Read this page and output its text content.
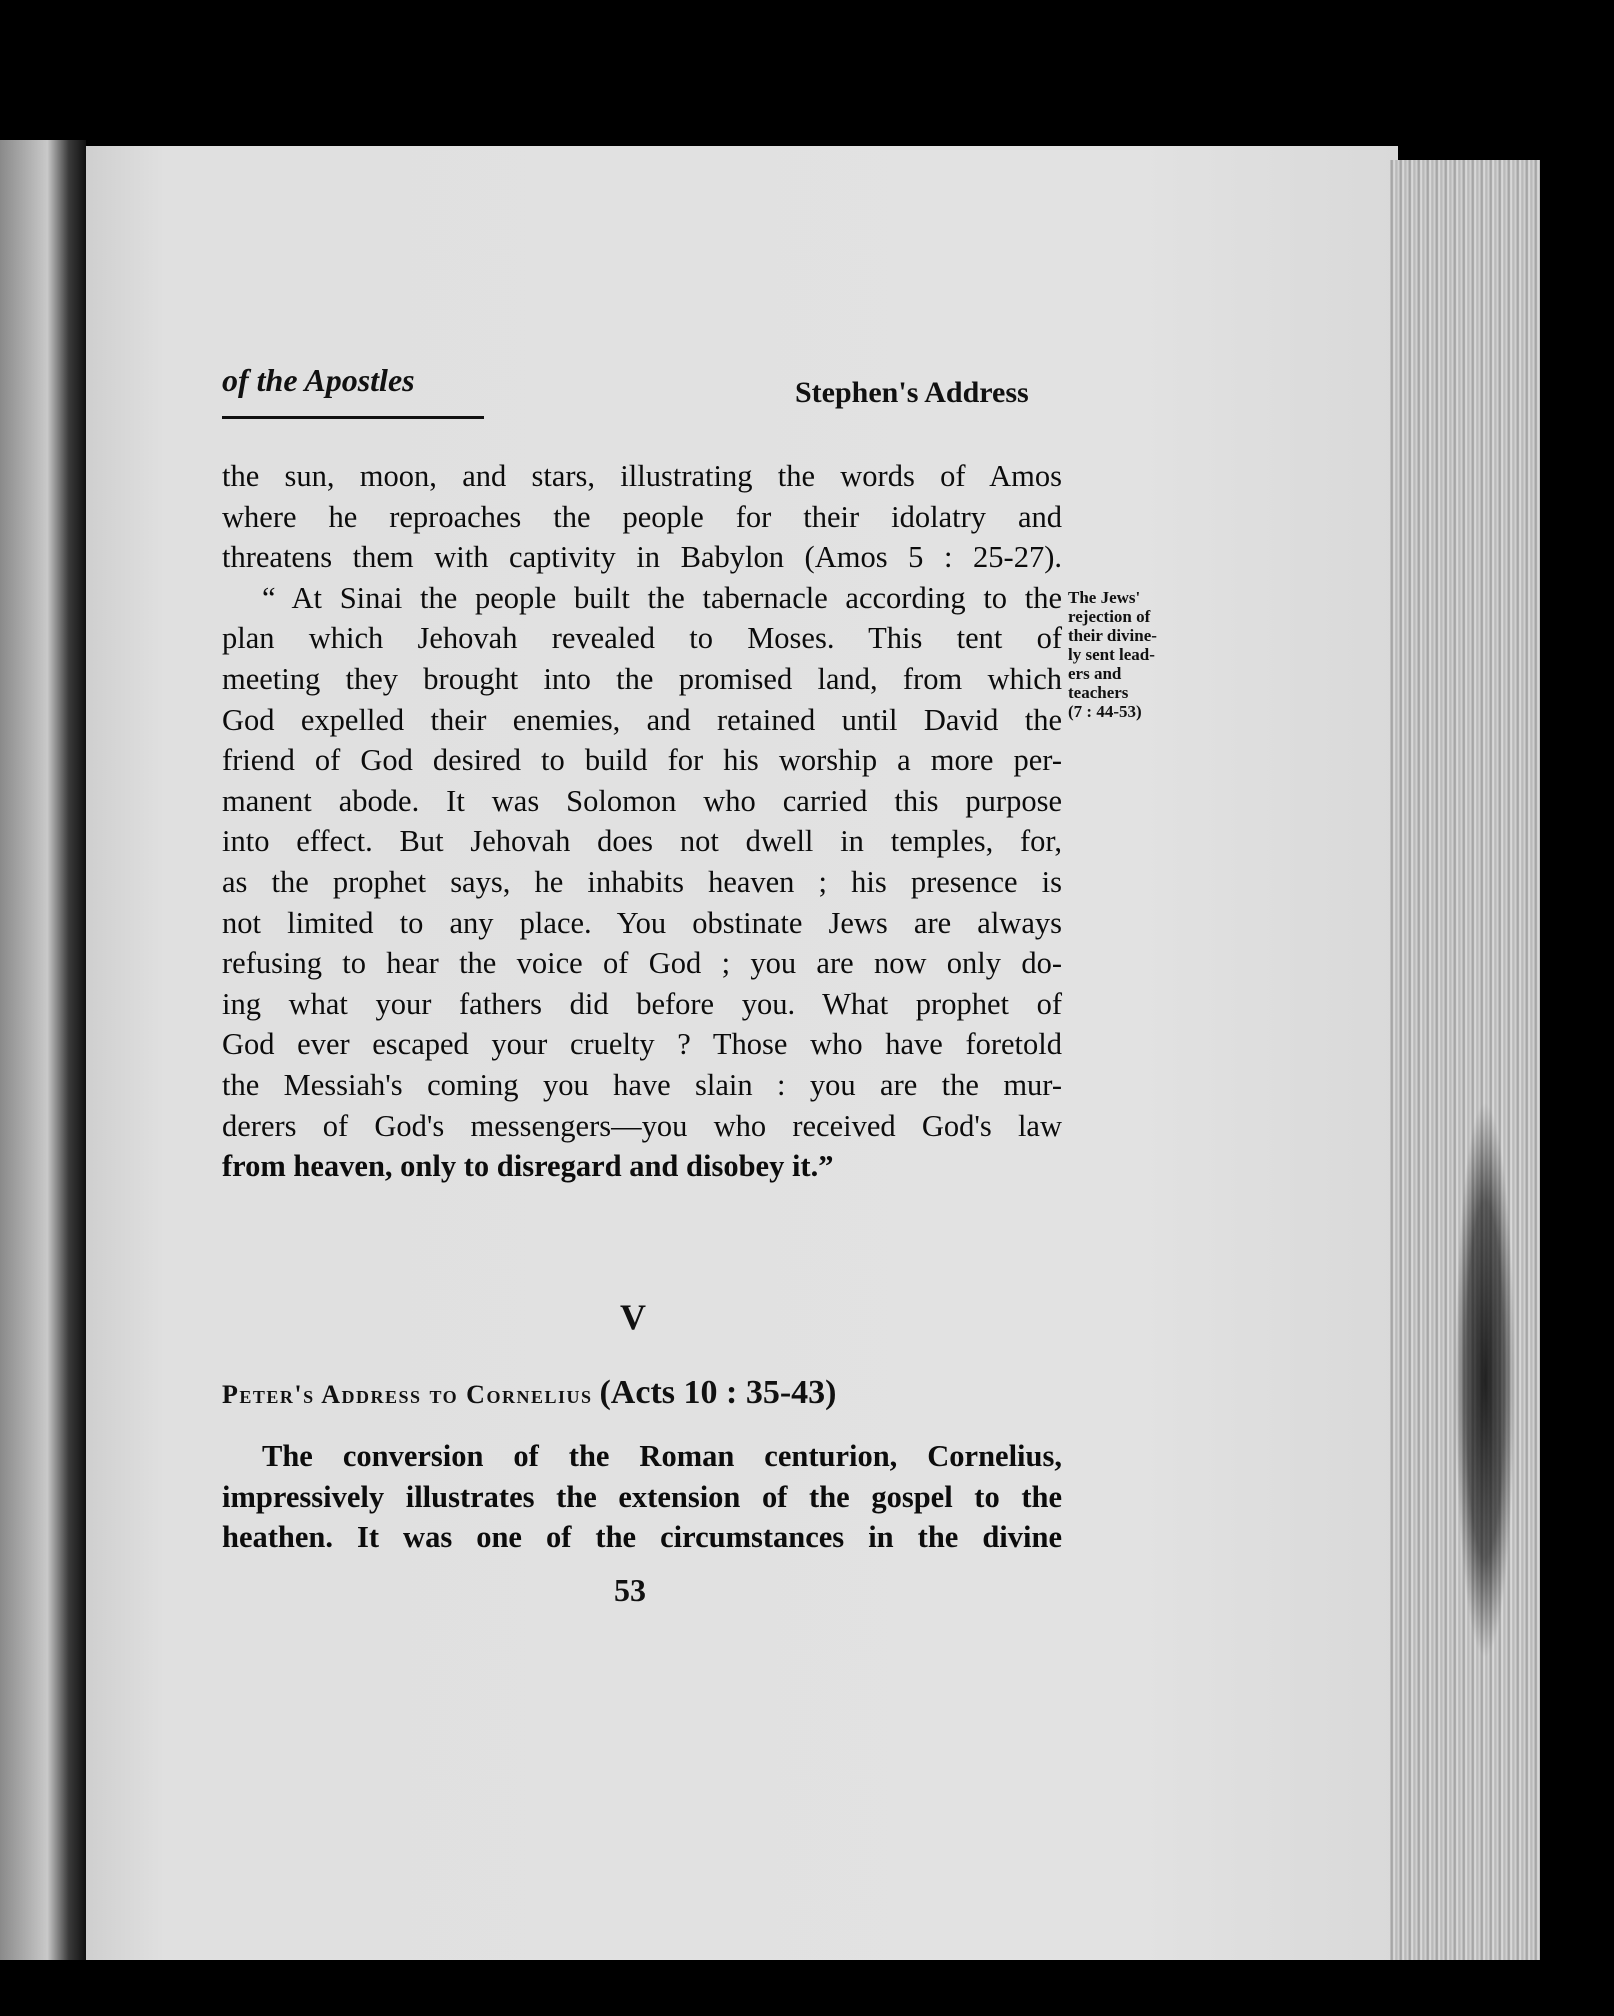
of the Apostles	Stephen's Address
the sun, moon, and stars, illustrating the words of Amos
where he reproaches the people for their idolatry and
threatens them with captivity in Babylon (Amos 5 : 25-27).
“ At Sinai the people built the tabernacle according to the
plan which Jehovah revealed to Moses. This tent of
meeting they brought into the promised land, from which
God expelled their enemies, and retained until David the
friend of God desired to build for his worship a more per-
manent abode. It was Solomon who carried this purpose
into effect. But Jehovah does not dwell in temples, for,
as the prophet says, he inhabits heaven ; his presence is
not limited to any place. You obstinate Jews are always
refusing to hear the voice of God ; you are now only do-
ing what your fathers did before you. What prophet of
God ever escaped your cruelty ? Those who have foretold
the Messiah's coming you have slain : you are the mur-
derers of God's messengers—you who received God's law
from heaven, only to disregard and disobey it.”
The Jews'
rejection of
their divine-
ly sent lead-
ers and
teachers
(7 : 44-53)
V
Peter's Address to Cornelius (Acts 10 : 35-43)
The conversion of the Roman centurion, Cornelius,
impressively illustrates the extension of the gospel to the
heathen. It was one of the circumstances in the divine
53
